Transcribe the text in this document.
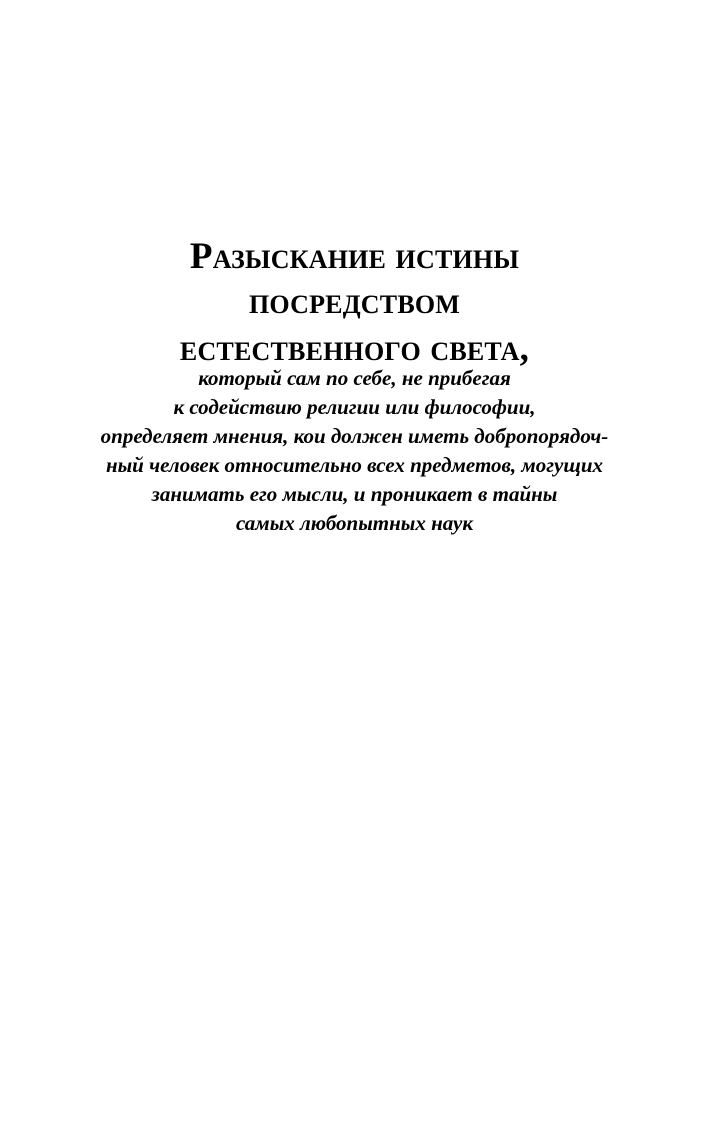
Разыскание истины
посредством
естественного света,
который сам по себе, не прибегая
к содействию религии или философии,
определяет мнения, кои должен иметь добропорядоч-
ный человек относительно всех предметов, могущих
занимать его мысли, и проникает в тайны
самых любопытных наук
